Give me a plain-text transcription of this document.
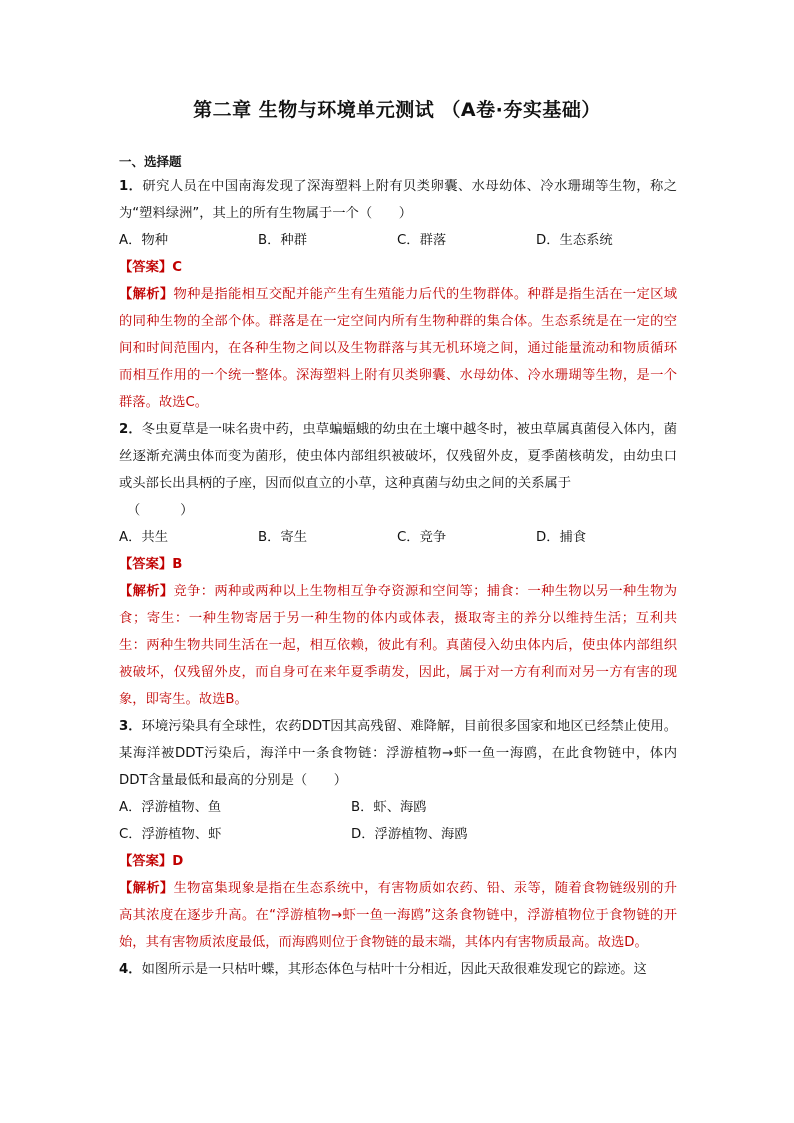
第二章 生物与环境单元测试 （A卷·夯实基础）
一、选择题

1．研究人员在中国南海发现了深海塑料上附有贝类卵囊、水母幼体、冷水珊瑚等生物，称之为“塑料绿洲”，其上的所有生物属于一个（　　）

A．物种	B．种群	C．群落	D．生态系统
【答案】C

【解析】物种是指能相互交配并能产生有生殖能力后代的生物群体。种群是指生活在一定区域的同种生物的全部个体。群落是在一定空间内所有生物种群的集合体。生态系统是在一定的空间和时间范围内，在各种生物之间以及生物群落与其无机环境之间，通过能量流动和物质循环而相互作用的一个统一整体。深海塑料上附有贝类卵囊、水母幼体、冷水珊瑚等生物，是一个群落。故选C。

2．冬虫夏草是一味名贵中药，虫草蝙蝠蛾的幼虫在土壤中越冬时，被虫草属真菌侵入体内，菌丝逐渐充满虫体而变为菌形，使虫体内部组织被破坏，仅残留外皮，夏季菌核萌发，由幼虫口或头部长出具柄的子座，因而似直立的小草，这种真菌与幼虫之间的关系属于

（　　　）
A．共生	B．寄生	C．竞争	D．捕食
【答案】B

【解析】竞争：两种或两种以上生物相互争夺资源和空间等；捕食：一种生物以另一种生物为食；寄生：一种生物寄居于另一种生物的体内或体表，摄取寄主的养分以维持生活；互利共生：两种生物共同生活在一起，相互依赖，彼此有利。真菌侵入幼虫体内后，使虫体内部组织被破坏，仅残留外皮，而自身可在来年夏季萌发，因此，属于对一方有利而对另一方有害的现象，即寄生。故选B。

3．环境污染具有全球性，农药DDT因其高残留、难降解，目前很多国家和地区已经禁止使用。某海洋被DDT污染后，海洋中一条食物链：浮游植物→虾一鱼一海鸥，在此食物链中，体内DDT含量最低和最高的分别是（　　）

A．浮游植物、鱼	B．虾、海鸥
C．浮游植物、虾	D．浮游植物、海鸥
【答案】D

【解析】生物富集现象是指在生态系统中，有害物质如农药、铅、汞等，随着食物链级别的升高其浓度在逐步升高。在“浮游植物→虾一鱼一海鸥”这条食物链中，浮游植物位于食物链的开始，其有害物质浓度最低，而海鸥则位于食物链的最末端，其体内有害物质最高。故选D。

4．如图所示是一只枯叶蝶，其形态体色与枯叶十分相近，因此天敌很难发现它的踪迹。这
